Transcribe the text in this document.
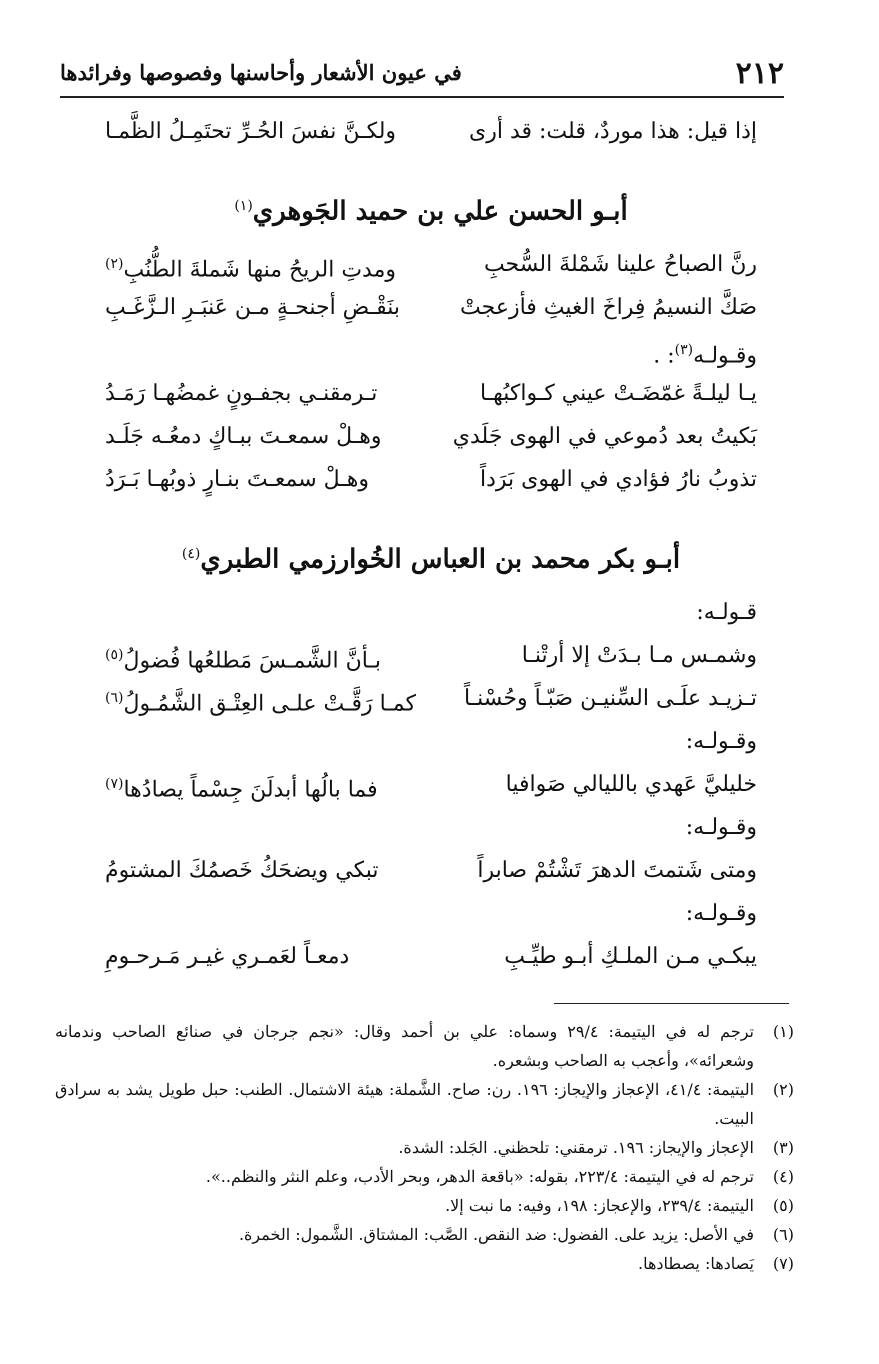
٢١٢
في عيون الأشعار وأحاسنها وفصوصها وفرائدها
إذا قيل: هذا موردٌ، قلت: قد أرى
ولكـنَّ نفسَ الحُـرِّ تحتَمِـلُ الظَّمـا
أبـو الحسن علي بن حميد الجَوهري$^{(١)}$
رنَّ الصباحُ علينا شَمْلةَ السُّحبِ
ومدتِ الريحُ منها شَملةَ الطُّنُبِ$^{(٢)}$
صَكَّ النسيمُ فِراخَ الغيثِ فأزعجتْ
بنَقْـضِ أجنحـةٍ مـن عَنبَـرِ الـزَّغَـبِ
وقـولـه$^{(٣)}$: .
يـا ليلـةً غمّضَـتْ عيني كـواكبُهـا
تـرمقنـي بجفـونٍ غمضُهـا رَمَـدُ
بَكيتُ بعد دُموعي في الهوى جَلَدي
وهـلْ سمعـتَ ببـاكٍ دمعُـه جَلَـد
تذوبُ نارُ فؤادي في الهوى بَرَداً
وهـلْ سمعـتَ بنـارٍ ذوبُهـا بَـرَدُ
أبـو بكر محمد بن العباس الخُوارزمي الطبري$^{(٤)}$
قـولـه:
وشمـس مـا بـدَتْ إلا أرتْنـا
بـأنَّ الشَّمـسَ مَطلعُها فُضولُ$^{(٥)}$
تـزيـد علَـى السِّنيـن صَبّـاً وحُسْنـاً
كمـا رَقَّـتْ علـى العِتْـق الشَّمُـولُ$^{(٦)}$
وقـولـه:
خليليَّ عَهدي بالليالي صَوافيا
فما بالُها أبدلَنَ جِسْماً يصادُها$^{(٧)}$
وقـولـه:
ومتى شَتمتَ الدهرَ تَشْتُمْ صابراً
تبكي ويضحَكُ خَصمُكَ المشتومُ
وقـولـه:
يبكـي مـن الملـكِ أبـو طيِّـبِ
دمعـاً لعَمـري غيـر مَـرحـومِ
(١)
ترجم له في اليتيمة: ٢٩/٤ وسماه: علي بن أحمد وقال: «نجم جرجان في صنائع الصاحب وندمانه وشعرائه»، وأعجب به الصاحب وبشعره.
(٢)
اليتيمة: ٤١/٤، الإعجاز والإيجاز: ١٩٦. رن: صاح. الشَّملة: هيئة الاشتمال. الطنب: حبل طويل يشد به سرادق البيت.
(٣)
الإعجاز والإيجاز: ١٩٦. ترمقني: تلحظني. الجَلد: الشدة.
(٤)
ترجم له في اليتيمة: ٢٢٣/٤، بقوله: «باقعة الدهر، وبحر الأدب، وعلم النثر والنظم..».
(٥)
اليتيمة: ٢٣٩/٤، والإعجاز: ١٩٨، وفيه: ما نبت إلا.
(٦)
في الأصل: يزيد على. الفضول: ضد النقص. الصَّب: المشتاق. الشَّمول: الخمرة.
(٧)
يَصادها: يصطادها.
